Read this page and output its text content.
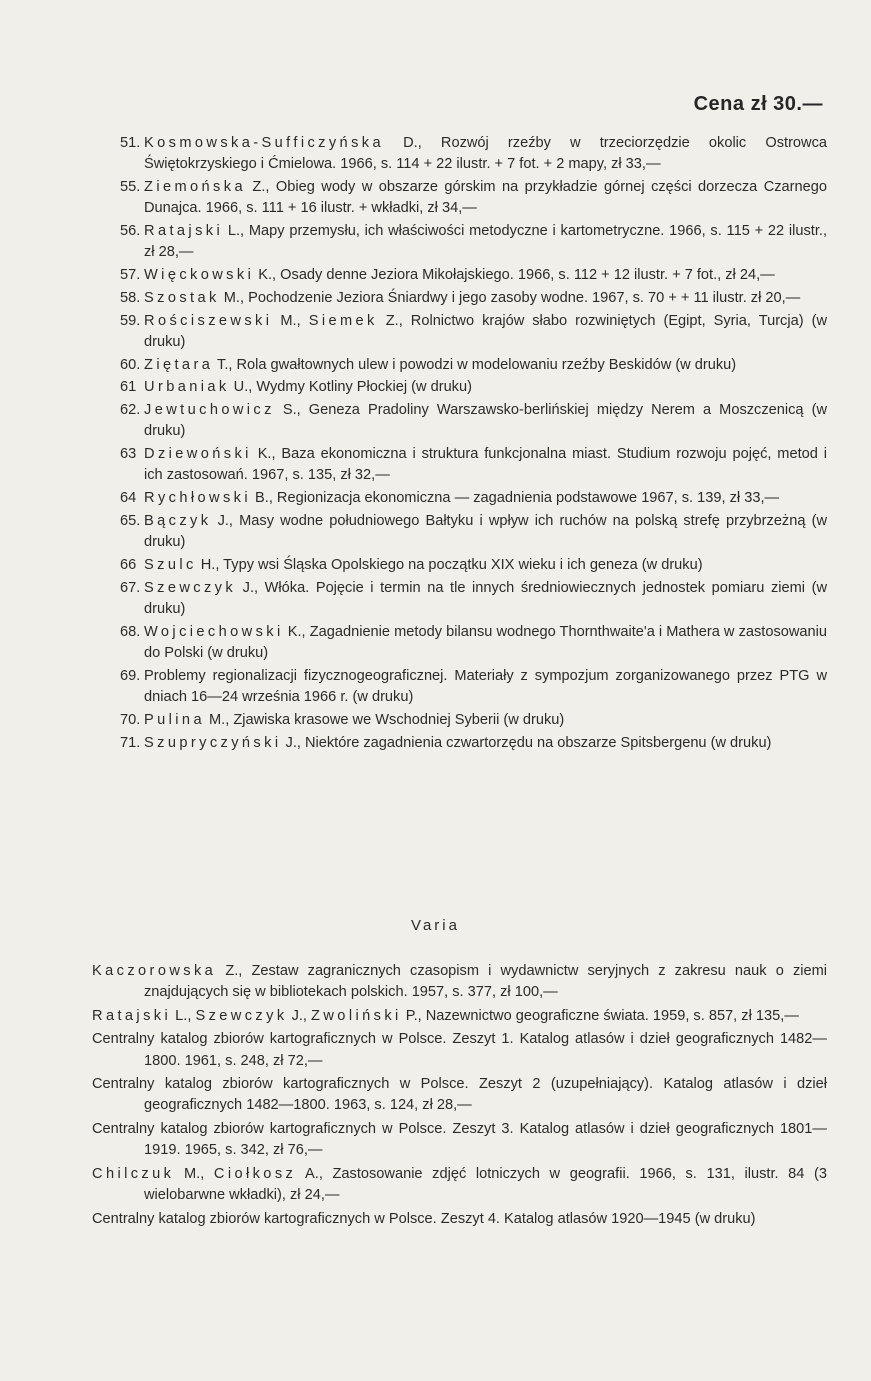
Cena zł 30.—
51. Kosmowska-Sufficzyńska D., Rozwój rzeźby w trzeciorzędzie okolic Ostrowca Świętokrzyskiego i Ćmielowa. 1966, s. 114 + 22 ilustr. + 7 fot. + 2 mapy, zł 33,—
55. Ziemońska Z., Obieg wody w obszarze górskim na przykładzie górnej części dorzecza Czarnego Dunajca. 1966, s. 111 + 16 ilustr. + wkładki, zł 34,—
56. Ratajski L., Mapy przemysłu, ich właściwości metodyczne i kartometryczne. 1966, s. 115 + 22 ilustr., zł 28,—
57. Więckowski K., Osady denne Jeziora Mikołajskiego. 1966, s. 112 + 12 ilustr. + 7 fot., zł 24,—
58. Szostak M., Pochodzenie Jeziora Śniardwy i jego zasoby wodne. 1967, s. 70 + + 11 ilustr. zł 20,—
59. Rościszewski M., Siemek Z., Rolnictwo krajów słabo rozwiniętych (Egipt, Syria, Turcja) (w druku)
60. Ziętara T., Rola gwałtownych ulew i powodzi w modelowaniu rzeźby Beskidów (w druku)
61 Urbaniak U., Wydmy Kotliny Płockiej (w druku)
62. Jewtuchowicz S., Geneza Pradoliny Warszawsko-berlińskiej między Nerem a Moszczenicą (w druku)
63 Dziewoński K., Baza ekonomiczna i struktura funkcjonalna miast. Studium rozwoju pojęć, metod i ich zastosowań. 1967, s. 135, zł 32,—
64 Rychłowski B., Regionizacja ekonomiczna — zagadnienia podstawowe 1967, s. 139, zł 33,—
65. Bączyk J., Masy wodne południowego Bałtyku i wpływ ich ruchów na polską strefę przybrzeżną (w druku)
66 Szulc H., Typy wsi Śląska Opolskiego na początku XIX wieku i ich geneza (w druku)
67. Szewczyk J., Włóka. Pojęcie i termin na tle innych średniowiecznych jednostek pomiaru ziemi (w druku)
68. Wojciechowski K., Zagadnienie metody bilansu wodnego Thornthwaite'a i Mathera w zastosowaniu do Polski (w druku)
69. Problemy regionalizacji fizycznogeograficznej. Materiały z sympozjum zorganizowanego przez PTG w dniach 16—24 września 1966 r. (w druku)
70. Pulina M., Zjawiska krasowe we Wschodniej Syberii (w druku)
71. Szupryczyński J., Niektóre zagadnienia czwartorzędu na obszarze Spitsbergenu (w druku)
Varia
Kaczorowska Z., Zestaw zagranicznych czasopism i wydawnictw seryjnych z zakresu nauk o ziemi znajdujących się w bibliotekach polskich. 1957, s. 377, zł 100,—
Ratajski L., Szewczyk J., Zwoliński P., Nazewnictwo geograficzne świata. 1959, s. 857, zł 135,—
Centralny katalog zbiorów kartograficznych w Polsce. Zeszyt 1. Katalog atlasów i dzieł geograficznych 1482—1800. 1961, s. 248, zł 72,—
Centralny katalog zbiorów kartograficznych w Polsce. Zeszyt 2 (uzupełniający). Katalog atlasów i dzieł geograficznych 1482—1800. 1963, s. 124, zł 28,—
Centralny katalog zbiorów kartograficznych w Polsce. Zeszyt 3. Katalog atlasów i dzieł geograficznych 1801—1919. 1965, s. 342, zł 76,—
Chilczuk M., Ciołkosz A., Zastosowanie zdjęć lotniczych w geografii. 1966, s. 131, ilustr. 84 (3 wielobarwne wkładki), zł 24,—
Centralny katalog zbiorów kartograficznych w Polsce. Zeszyt 4. Katalog atlasów 1920—1945 (w druku)
